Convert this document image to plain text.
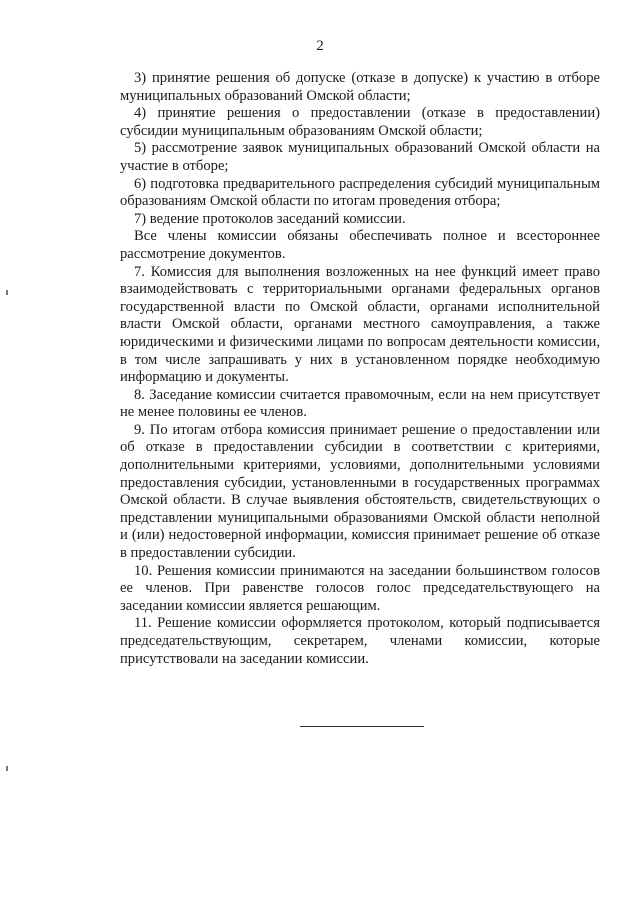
2

3) принятие решения об допуске (отказе в допуске) к участию в отборе муниципальных образований Омской области;

4) принятие решения о предоставлении (отказе в предоставлении) субсидии муниципальным образованиям Омской области;

5) рассмотрение заявок муниципальных образований Омской области на участие в отборе;

6) подготовка предварительного распределения субсидий муниципальным образованиям Омской области по итогам проведения отбора;

7) ведение протоколов заседаний комиссии.

Все члены комиссии обязаны обеспечивать полное и всестороннее рассмотрение документов.

7. Комиссия для выполнения возложенных на нее функций имеет право взаимодействовать с территориальными органами федеральных органов государственной власти по Омской области, органами исполнительной власти Омской области, органами местного самоуправления, а также юридическими и физическими лицами по вопросам деятельности комиссии, в том числе запрашивать у них в установленном порядке необходимую информацию и документы.

8. Заседание комиссии считается правомочным, если на нем присутствует не менее половины ее членов.

9. По итогам отбора комиссия принимает решение о предоставлении или об отказе в предоставлении субсидии в соответствии с критериями, дополнительными критериями, условиями, дополнительными условиями предоставления субсидии, установленными в государственных программах Омской области. В случае выявления обстоятельств, свидетельствующих о представлении муниципальными образованиями Омской области неполной и (или) недостоверной информации, комиссия принимает решение об отказе в предоставлении субсидии.

10. Решения комиссии принимаются на заседании большинством голосов ее членов. При равенстве голосов голос председательствующего на заседании комиссии является решающим.

11. Решение комиссии оформляется протоколом, который подписывается председательствующим, секретарем, членами комиссии, которые присутствовали на заседании комиссии.
